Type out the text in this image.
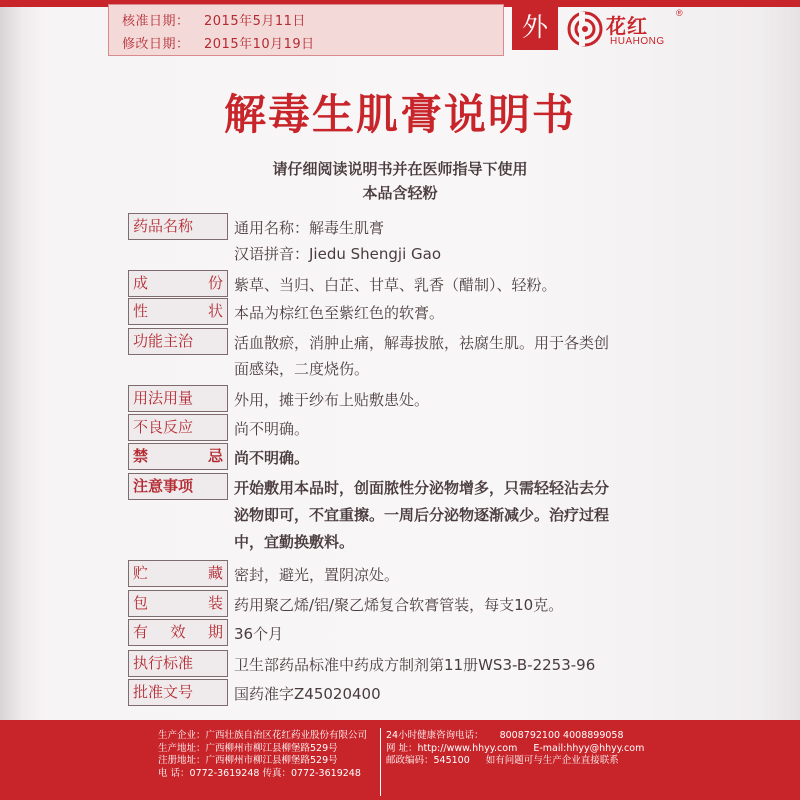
核准日期： 2015年5月11日
修改日期： 2015年10月19日
外	花红
HUAHONG
®
解毒生肌膏说明书
请仔细阅读说明书并在医师指导下使用
本品含轻粉
药品名称	通用名称：解毒生肌膏
汉语拼音：Jiedu Shengji Gao
成	份 紫草、当归、白芷、甘草、乳香（醋制）、轻粉。
性	状 本品为棕红色至紫红色的软膏。
功能主治	活血散瘀，消肿止痛，解毒拔脓，祛腐生肌。用于各类创
面感染，二度烧伤。
用法用量	外用，摊于纱布上贴敷患处。
不良反应	尚不明确。
禁	忌 尚不明确。
注意事项	开始敷用本品时，创面脓性分泌物增多，只需轻轻沾去分
泌物即可，不宜重擦。一周后分泌物逐渐减少。治疗过程
中，宜勤换敷料。
贮	藏 密封，避光，置阴凉处。
包	装 药用聚乙烯/铝/聚乙烯复合软膏管装，每支10克。
有 效 期 36个月
执行标准	卫生部药品标准中药成方制剂第11册WS3-B-2253-96
批准文号	国药准字Z45020400
生产企业：广西壮族自治区花红药业股份有限公司
生产地址：广西柳州市柳江县柳堡路529号
注册地址：广西柳州市柳江县柳堡路529号
电 话：0772-3619248 传真：0772-3619248
24小时健康咨询电话： 8008792100 4008899058
网 址：http://www.hhyy.com E-mail:hhyy@hhyy.com
邮政编码：545100 如有问题可与生产企业直接联系
